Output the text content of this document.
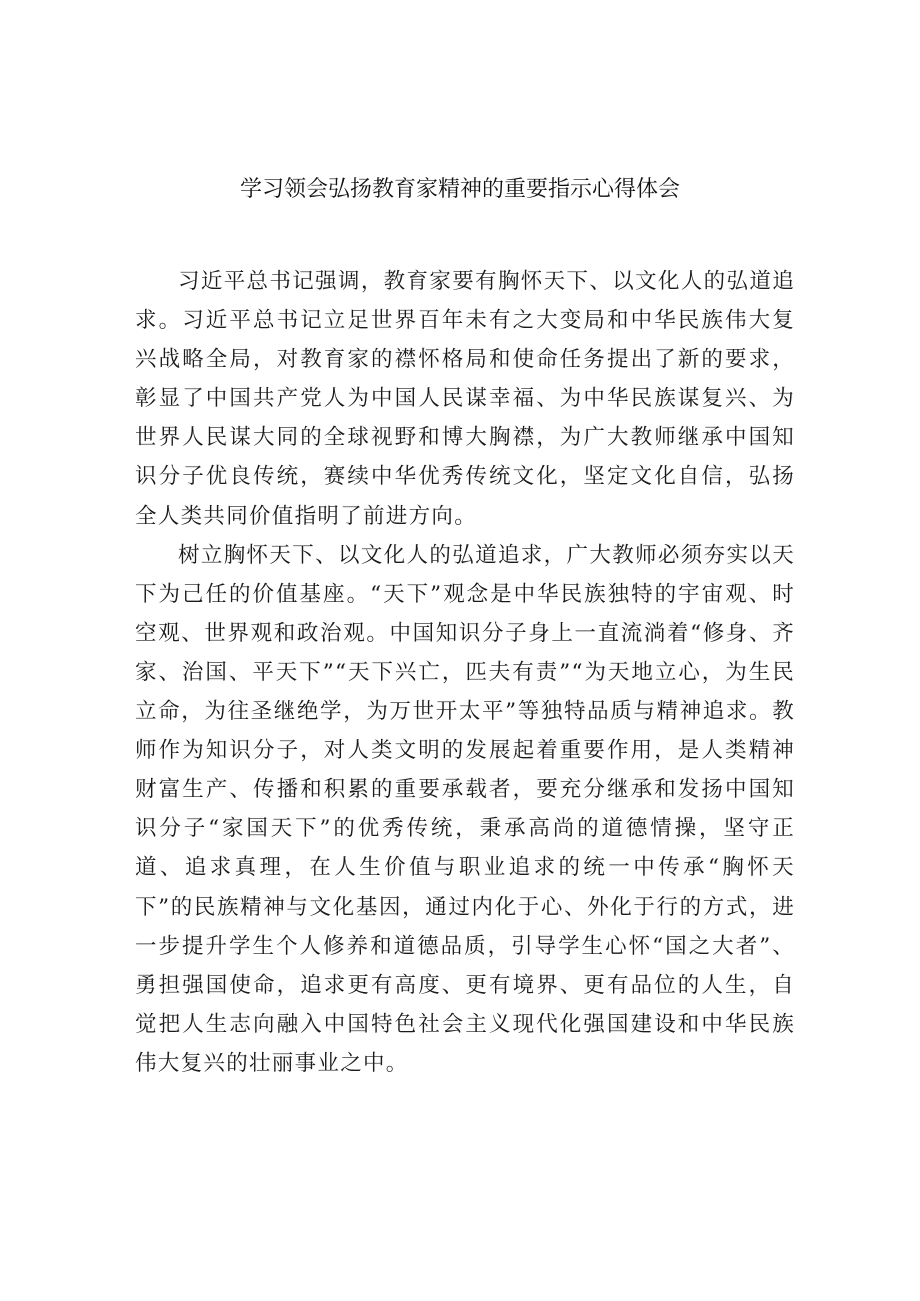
学习领会弘扬教育家精神的重要指示心得体会

习近平总书记强调，教育家要有胸怀天下、以文化人的弘道追求。习近平总书记立足世界百年未有之大变局和中华民族伟大复兴战略全局，对教育家的襟怀格局和使命任务提出了新的要求，彰显了中国共产党人为中国人民谋幸福、为中华民族谋复兴、为世界人民谋大同的全球视野和博大胸襟，为广大教师继承中国知识分子优良传统，赛续中华优秀传统文化，坚定文化自信，弘扬全人类共同价值指明了前进方向。

树立胸怀天下、以文化人的弘道追求，广大教师必须夯实以天下为己任的价值基座。“天下”观念是中华民族独特的宇宙观、时空观、世界观和政治观。中国知识分子身上一直流淌着“修身、齐家、治国、平天下”“天下兴亡，匹夫有责”“为天地立心，为生民立命，为往圣继绝学，为万世开太平”等独特品质与精神追求。教师作为知识分子，对人类文明的发展起着重要作用，是人类精神财富生产、传播和积累的重要承载者，要充分继承和发扬中国知识分子“家国天下”的优秀传统，秉承高尚的道德情操，坚守正道、追求真理，在人生价值与职业追求的统一中传承“胸怀天下”的民族精神与文化基因，通过内化于心、外化于行的方式，进一步提升学生个人修养和道德品质，引导学生心怀“国之大者”、勇担强国使命，追求更有高度、更有境界、更有品位的人生，自觉把人生志向融入中国特色社会主义现代化强国建设和中华民族伟大复兴的壮丽事业之中。
